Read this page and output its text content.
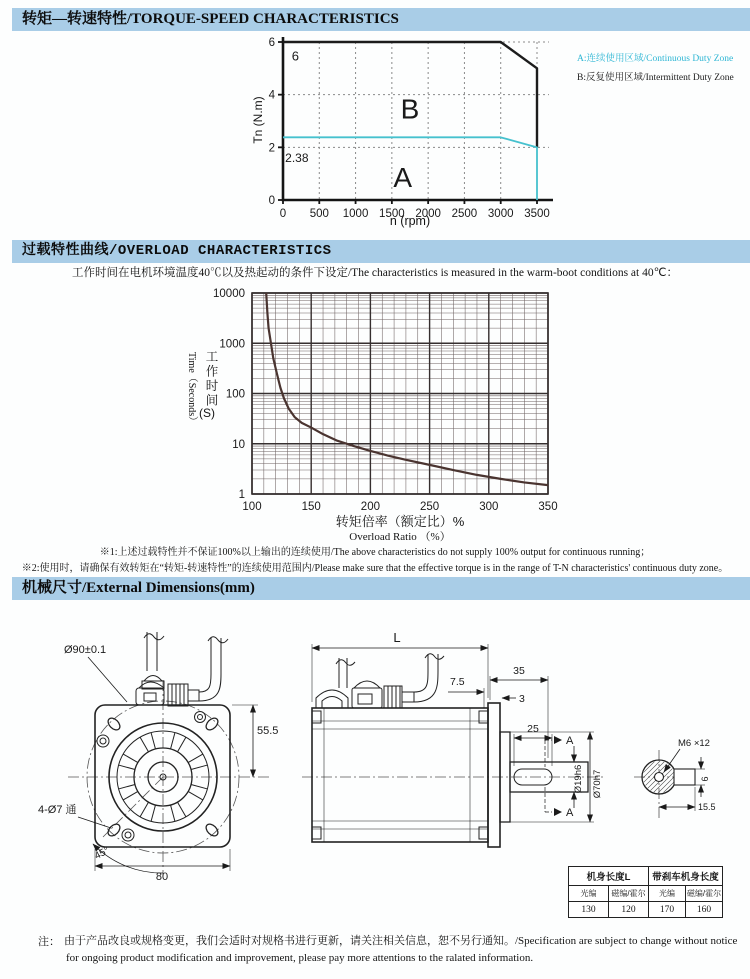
转矩—转速特性/TORQUE-SPEED CHARACTERISTICS
0 500 1000 1500 2000 2500 3000 3500
0
2
4
6
6
2.38
B
A
Tn (N.m)
n (rpm)
A:连续使用区域/Continuous Duty Zone
B:反复使用区域/Intermittent Duty Zone
过载特性曲线/OVERLOAD CHARACTERISTICS
工作时间在电机环境温度40℃以及热起动的条件下设定/The characteristics is measured in the warm-boot conditions at 40℃：
1
10
100
1000
10000
100	150	200	250	300	350
Time（Seconds） 工作时间
(S)
转矩倍率（额定比）%
Overload Ratio （%）
※1:上述过载特性并不保证100%以上输出的连续使用/The above characteristics do not supply 100% output for continuous running；
※2:使用时，请确保有效转矩在“转矩-转速特性”的连续使用范围内/Please make sure that the effective torque is in the range of T-N characteristics' continuous duty zone。
机械尺寸/External Dimensions(mm)
Ø90±0.1
55.5
80
4-Ø7 通
45°
L
7.5
3
35
25
A
A
Ø19h6 Ø70h7
M6 ×12
6
15.5
机身长度L		带刹车机身长度	
光编	磁编/霍尔	光编	磁编/霍尔
130	120	170	160
注： 由于产品改良或规格变更，我们会适时对规格书进行更新，请关注相关信息，恕不另行通知。/Specification are subject to change without notice
for ongoing product modification and improvement, please pay more attentions to the ralated information.
